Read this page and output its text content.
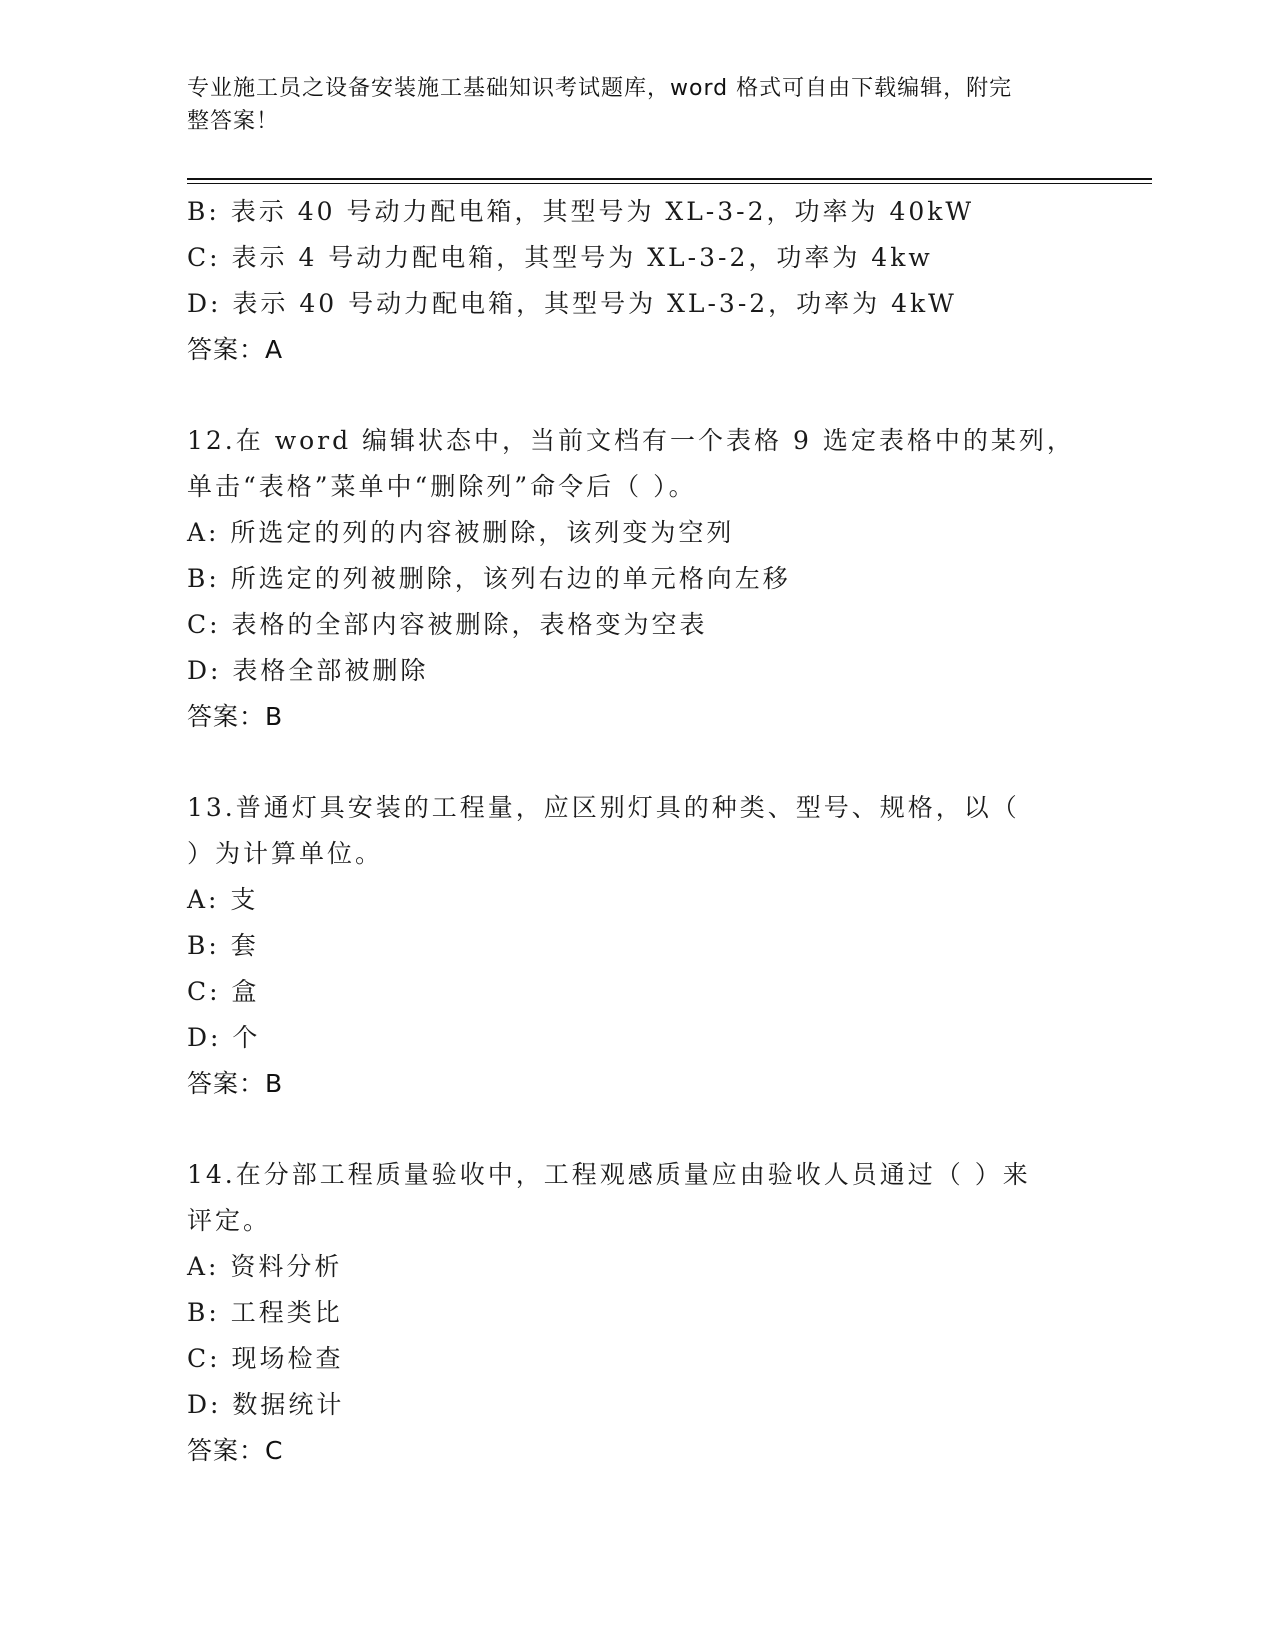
专业施工员之设备安装施工基础知识考试题库，word 格式可自由下载编辑，附完
整答案！
B: 表示 40 号动力配电箱，其型号为 XL-3-2，功率为 40kW
C: 表示 4 号动力配电箱，其型号为 XL-3-2，功率为 4kw
D: 表示 40 号动力配电箱，其型号为 XL-3-2，功率为 4kW
答案：A
12.在 word 编辑状态中，当前文档有一个表格 9 选定表格中的某列，
单击“表格”菜单中“删除列”命令后（ ）。
A: 所选定的列的内容被删除，该列变为空列
B: 所选定的列被删除，该列右边的单元格向左移
C: 表格的全部内容被删除，表格变为空表
D: 表格全部被删除
答案：B
13.普通灯具安装的工程量，应区别灯具的种类、型号、规格，以（
）为计算单位。
A: 支
B: 套
C: 盒
D: 个
答案：B
14.在分部工程质量验收中，工程观感质量应由验收人员通过（ ）来
评定。
A: 资料分析
B: 工程类比
C: 现场检查
D: 数据统计
答案：C
